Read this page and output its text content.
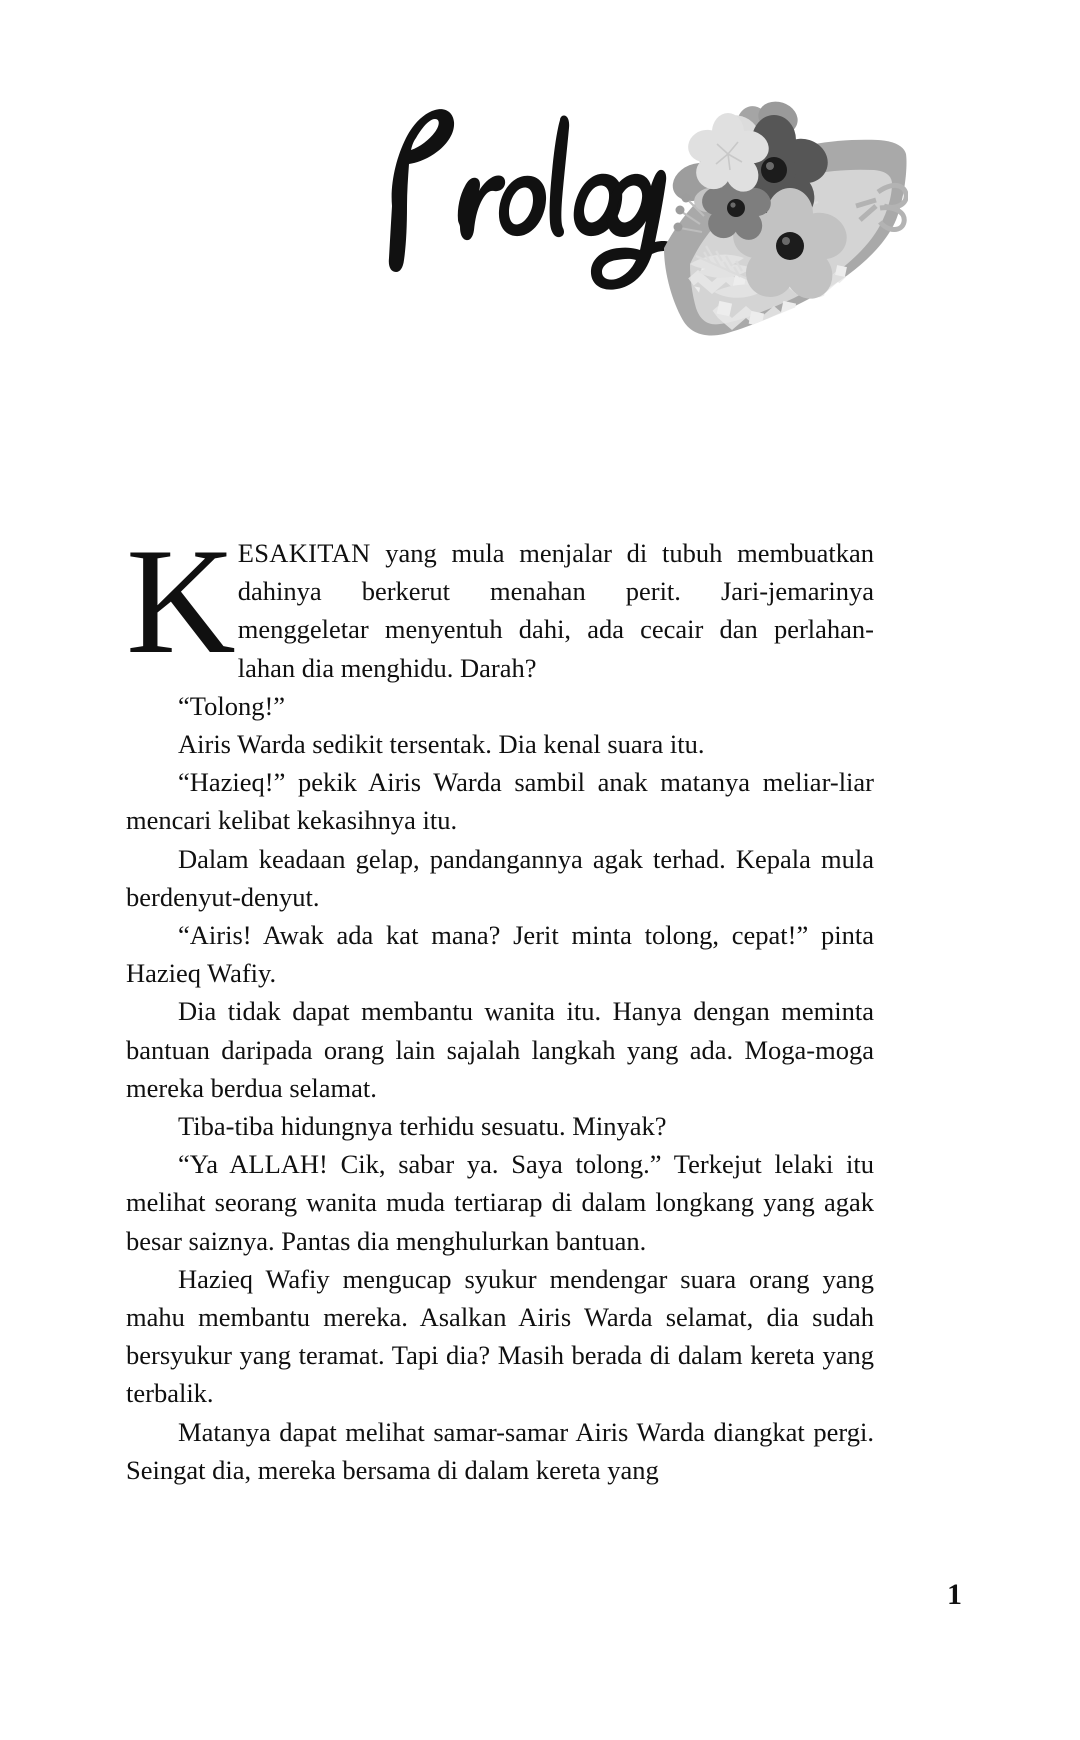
KESAKITAN yang mula menjalar di tubuh membuatkan dahinya berkerut menahan perit. Jari-jemarinya menggeletar menyentuh dahi, ada cecair dan perlahan-lahan dia menghidu. Darah?

“Tolong!”

Airis Warda sedikit tersentak. Dia kenal suara itu.

“Hazieq!” pekik Airis Warda sambil anak matanya meliar-liar mencari kelibat kekasihnya itu.

Dalam keadaan gelap, pandangannya agak terhad. Kepala mula berdenyut-denyut.

“Airis! Awak ada kat mana? Jerit minta tolong, cepat!” pinta Hazieq Wafiy.

Dia tidak dapat membantu wanita itu. Hanya dengan meminta bantuan daripada orang lain sajalah langkah yang ada. Moga-moga mereka berdua selamat.

Tiba-tiba hidungnya terhidu sesuatu. Minyak?

“Ya ALLAH! Cik, sabar ya. Saya tolong.” Terkejut lelaki itu melihat seorang wanita muda tertiarap di dalam longkang yang agak besar saiznya. Pantas dia menghulurkan bantuan.

Hazieq Wafiy mengucap syukur mendengar suara orang yang mahu membantu mereka. Asalkan Airis Warda selamat, dia sudah bersyukur yang teramat. Tapi dia? Masih berada di dalam kereta yang terbalik.

Matanya dapat melihat samar-samar Airis Warda diangkat pergi. Seingat dia, mereka bersama di dalam kereta yang

1
